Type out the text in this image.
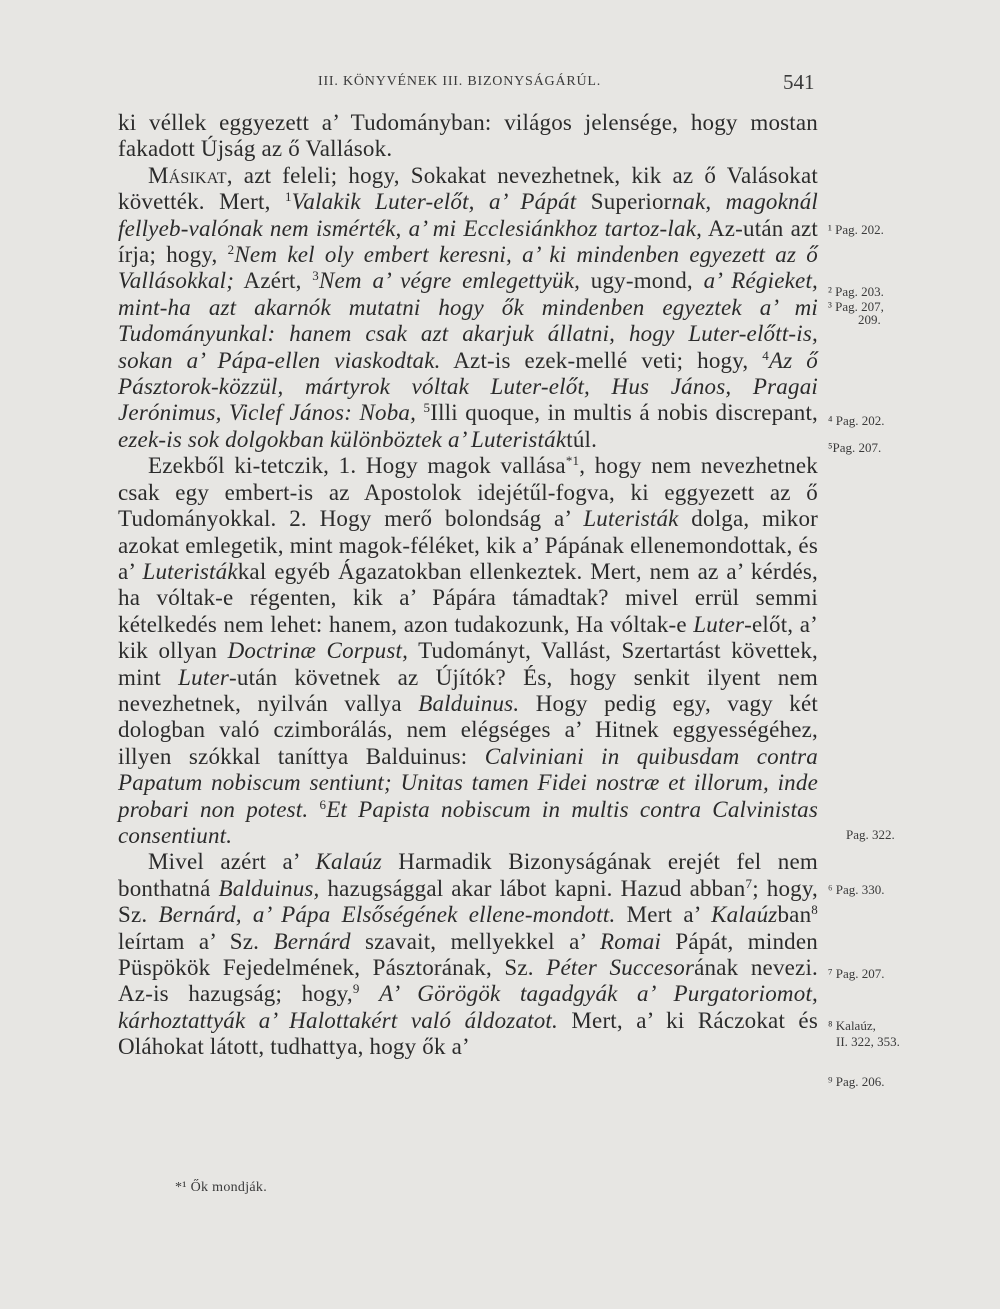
III. KÖNYVÉNEK III. BIZONYSÁGÁRÚL.	541

ki véllek eggyezett a’ Tudományban: világos jelensége, hogy mostan fakadott Újság az ő Vallások.

Másikat, azt feleli; hogy, Sokakat nevezhetnek, kik az ő Valásokat követték. Mert, $^1$Valakik Luter-előt, a’ Pápát Superiornak, magoknál fellyeb-valónak nem ismérték, a’ mi Ecclesiánkhoz tartoz-lak, Az-után azt írja; hogy, $^2$Nem kel oly embert keresni, a’ ki mindenben egyezett az ő Vallásokkal; Azért, $^3$Nem a’ végre emlegettyük, ugy-mond, a’ Régieket, mint-ha azt akarnók mutatni hogy ők mindenben egyeztek a’ mi Tudományunkal: hanem csak azt akarjuk állatni, hogy Luter-előtt-is, sokan a’ Pápa-ellen viaskodtak. Azt-is ezek-mellé veti; hogy, $^4$Az ő Pásztorok-közzül, mártyrok vóltak Luter-előt, Hus János, Pragai Jerónimus, Viclef János: Noba, $^5$Illi quoque, in multis á nobis discrepant, ezek-is sok dolgokban különböztek a’ Luteristáktúl.

Ezekből ki-tetczik, 1. Hogy magok vallása$^{*1}$, hogy nem nevezhetnek csak egy embert-is az Apostolok idejétűl-fogva, ki eggyezett az ő Tudományokkal. 2. Hogy merő bolondság a’ Luteristák dolga, mikor azokat emlegetik, mint magok-féléket, kik a’ Pápának ellenemondottak, és a’ Luteristákkal egyéb Ágazatokban ellenkeztek. Mert, nem az a’ kérdés, ha vóltak-e régenten, kik a’ Pápára támadtak? mivel errül semmi kételkedés nem lehet: hanem, azon tudakozunk, Ha vóltak-e Luter-előt, a’ kik ollyan Doctrinæ Corpust, Tudományt, Vallást, Szertartást követtek, mint Luter-után követnek az Újítók? És, hogy senkit ilyent nem nevezhetnek, nyilván vallya Balduinus. Hogy pedig egy, vagy két dologban való czimborálás, nem elégséges a’ Hitnek eggyességéhez, illyen szókkal taníttya Balduinus: Calviniani in quibusdam contra Papatum nobiscum sentiunt; Unitas tamen Fidei nostræ et illorum, inde probari non potest. $^6$Et Papista nobiscum in multis contra Calvinistas consentiunt.

Mivel azért a’ Kalaúz Harmadik Bizonyságának erejét fel nem bonthatná Balduinus, hazugsággal akar lábot kapni. Hazud abban$^7$; hogy, Sz. Bernárd, a’ Pápa Elsőségének ellene-mondott. Mert a’ Kalaúzban$^8$ leírtam a’ Sz. Bernárd szavait, mellyekkel a’ Romai Pápát, minden Püspökök Fejedelmének, Pásztorának, Sz. Péter Succesorának nevezi. Az-is hazugság; hogy,$^9$ A’ Görögök tagadgyák a’ Purgatoriomot, kárhoztattyák a’ Halottakért való áldozatot. Mert, a’ ki Ráczokat és Oláhokat látott, tudhattya, hogy ők a’

¹ Pag. 202.
² Pag. 203.
³ Pag. 207,
209.
⁴ Pag. 202.
⁵Pag. 207.
Pag. 322.
⁶ Pag. 330.
⁷ Pag. 207.
⁸ Kalaúz,
II. 322, 353.
⁹ Pag. 206.
*¹ Ők mondják.
